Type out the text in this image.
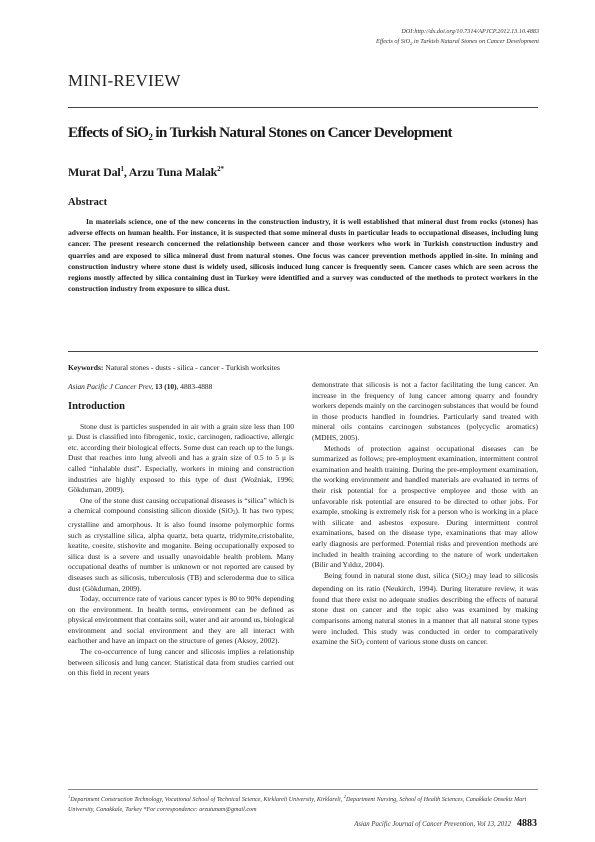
DOI:http://dx.doi.org/10.7314/APJCP.2012.13.10.4883
Effects of SiO$_2$ in Turkish Natural Stones on Cancer Development
MINI-REVIEW
Effects of SiO$_2$ in Turkish Natural Stones on Cancer Development
Murat Dal$^1$, Arzu Tuna Malak$^{2*}$
Abstract
In materials science, one of the new concerns in the construction industry, it is well established that mineral dust from rocks (stones) has adverse effects on human health. For instance, it is suspected that some mineral dusts in particular leads to occupational diseases, including lung cancer. The present research concerned the relationship between cancer and those workers who work in Turkish construction industry and quarries and are exposed to silica mineral dust from natural stones. One focus was cancer prevention methods applied in-site. In mining and construction industry where stone dust is widely used, silicosis induced lung cancer is frequently seen. Cancer cases which are seen across the regions mostly affected by silica containing dust in Turkey were identified and a survey was conducted of the methods to protect workers in the construction industry from exposure to silica dust.
Keywords: Natural stones - dusts - silica - cancer - Turkish worksites
Asian Pacific J Cancer Prev, 13 (10), 4883-4888
Introduction

Stone dust is particles suspended in air with a grain size less than 100 μ. Dust is classified into fibrogenic, toxic, carcinogen, radioactive, allergic etc. according their biological effects. Some dust can reach up to the lungs. Dust that reaches into lung alveoli and has a grain size of 0.5 to 5 μ is called “inhalable dust”. Especially, workers in mining and construction industries are highly exposed to this type of dust (Woźniak, 1996; Gökduman, 2009).

One of the stone dust causing occupational diseases is “silica” which is a chemical compound consisting silicon dioxide (SiO$_2$). It has two types; crystalline and amorphous. It is also found insome polymorphic forms such as crystalline silica, alpha quartz, beta quartz, tridymite,cristobalite, keatite, coesite, stishovite and moganite. Being occupationally exposed to silica dust is a severe and usually unavoidable health problem. Many occupational deaths of number is unknown or not reported are caused by diseases such as silicosis, tuberculosis (TB) and scleroderma due to silica dust (Gökduman, 2009).

Today, occurrence rate of various cancer types is 80 to 90% depending on the environment. In health terms, environment can be defined as physical environment that contains soil, water and air around us, biological environment and social environment and they are all interact with eachother and have an impact on the structure of genes (Aksoy, 2002).

The co-occurrence of lung cancer and silicosis implies a relationship between silicosis and lung cancer. Statistical data from studies carried out on this field in recent years

demonstrate that silicosis is not a factor facilitating the lung cancer. An increase in the frequency of lung cancer among quarry and foundry workers depends mainly on the carcinogen substances that would be found in those products handled in foundries. Particularly sand treated with mineral oils contains carcinogen substances (polycyclic aromatics) (MDHS, 2005).

Methods of protection against occupational diseases can be summarized as follows; pre-employment examination, intermittent control examination and health training. During the pre-employment examination, the working environment and handled materials are evaluated in terms of their risk potential for a prospective employee and those with an unfavorable risk potential are ensured to be directed to other jobs. For example, smoking is extremely risk for a person who is working in a place with silicate and asbestos exposure. During intermittent control examinations, based on the disease type, examinations that may allow early diagnosis are performed. Potential risks and prevention methods are included in health training according to the nature of work undertaken (Bilir and Yıldız, 2004).

Being found in natural stone dust, silica (SiO$_2$) may lead to silicosis depending on its ratio (Neukirch, 1994). During literature review, it was found that there exist no adequate studies describing the effects of natural stone dust on cancer and the topic also was examined by making comparisons among natural stones in a manner that all natural stone types were included. This study was conducted in order to comparatively examine the SiO$_2$ content of various stone dusts on cancer.

$^1$Department Construction Technology, Vocational School of Technical Science, Kirklareli University, Kirklareli, $^2$Department Nursing, School of Health Sciences, Canakkale Onsekiz Mart University, Canakkale, Turkey *For correspondence: arzutunam@gmail.com
Asian Pacific Journal of Cancer Prevention, Vol 13, 2012 4883
